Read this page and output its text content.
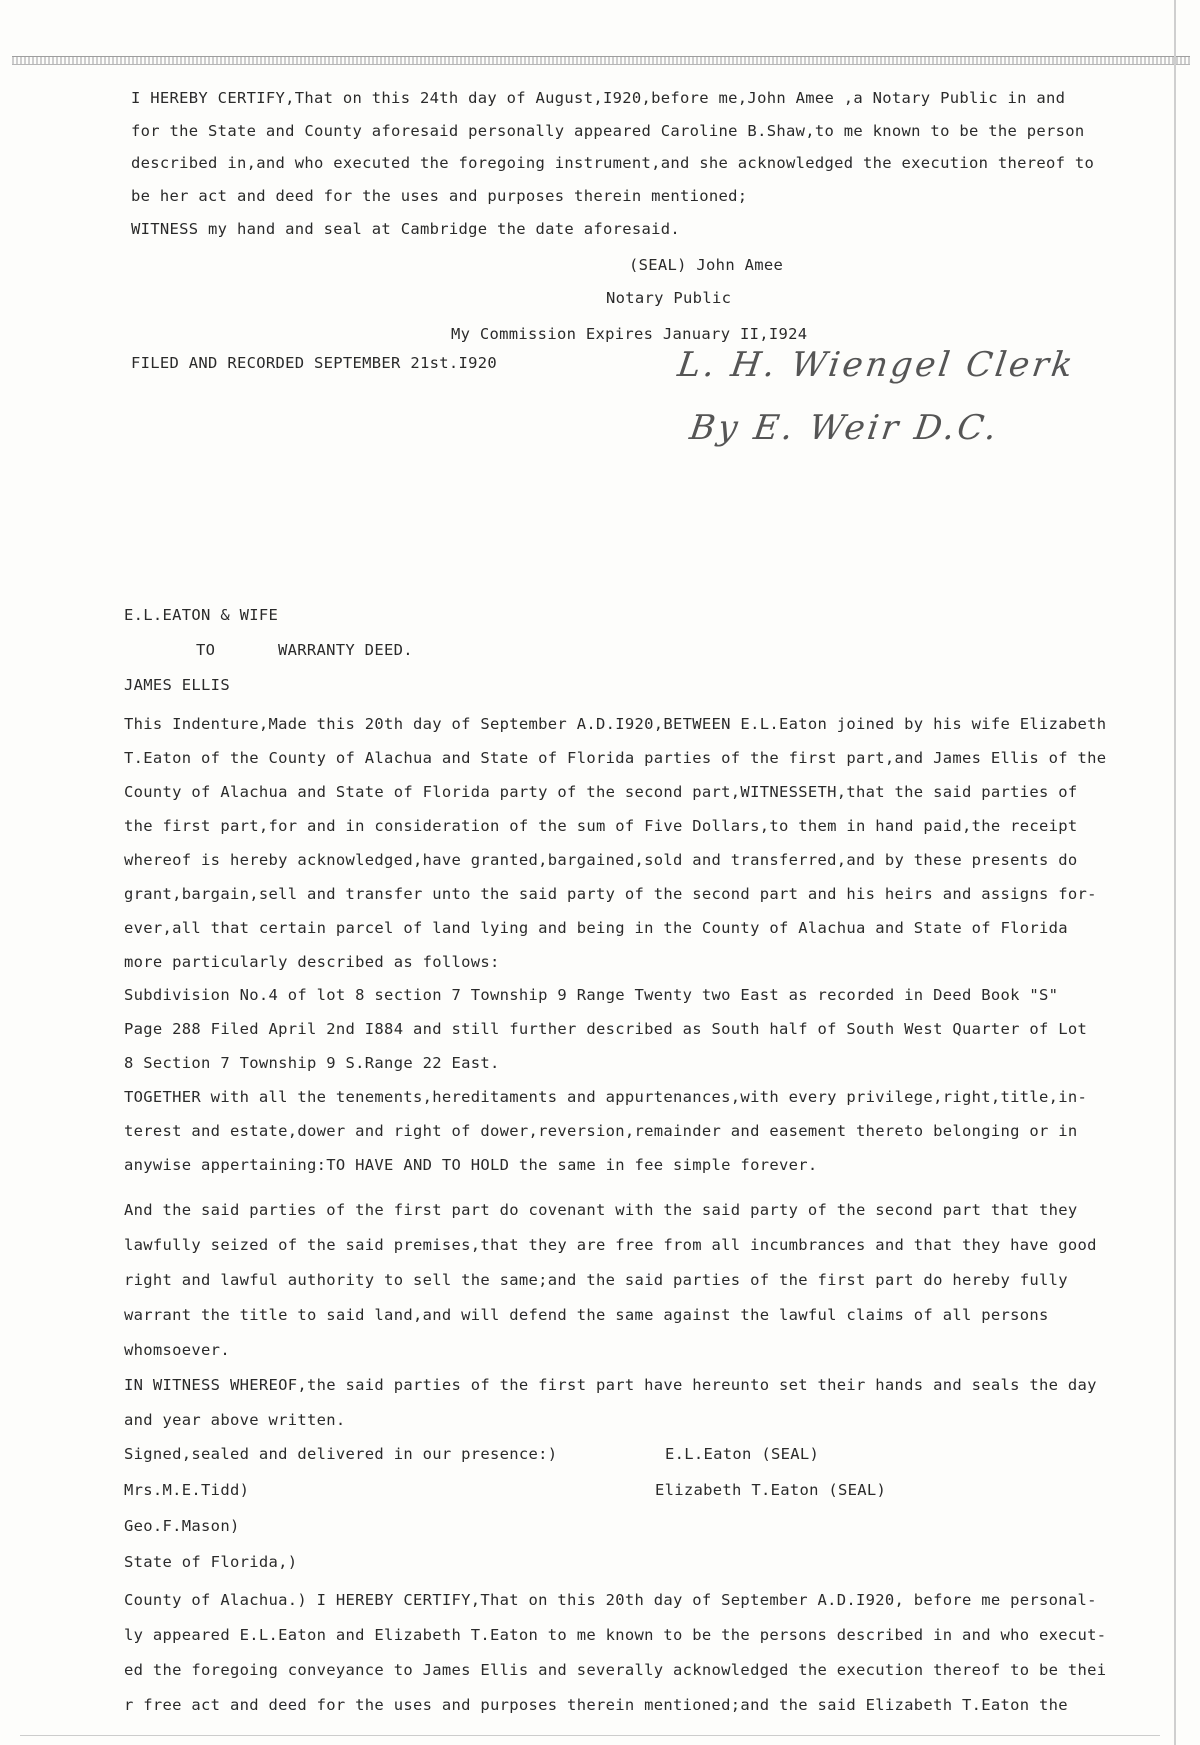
I HEREBY CERTIFY,That on this 24th day of August,I920,before me,John Amee ,a Notary Public in and
for the State and County aforesaid personally appeared Caroline B.Shaw,to me known to be the person
described in,and who executed the foregoing instrument,and she acknowledged the execution thereof to
be her act and deed for the uses and purposes therein mentioned;
WITNESS my hand and seal at Cambridge the date aforesaid.
(SEAL) John Amee
Notary Public
My Commission Expires January II,I924
FILED AND RECORDED SEPTEMBER 21st.I920	L. H. Wiengel Clerk
By E. Weir D.C.
E.L.EATON & WIFE
TO	WARRANTY DEED.
JAMES ELLIS
This Indenture,Made this 20th day of September A.D.I920,BETWEEN E.L.Eaton joined by his wife Elizabeth
T.Eaton of the County of Alachua and State of Florida parties of the first part,and James Ellis of the
County of Alachua and State of Florida party of the second part,WITNESSETH,that the said parties of
the first part,for and in consideration of the sum of Five Dollars,to them in hand paid,the receipt
whereof is hereby acknowledged,have granted,bargained,sold and transferred,and by these presents do
grant,bargain,sell and transfer unto the said party of the second part and his heirs and assigns for-
ever,all that certain parcel of land lying and being in the County of Alachua and State of Florida
more particularly described as follows:
Subdivision No.4 of lot 8 section 7 Township 9 Range Twenty two East as recorded in Deed Book "S"
Page 288 Filed April 2nd I884 and still further described as South half of South West Quarter of Lot
8 Section 7 Township 9 S.Range 22 East.
TOGETHER with all the tenements,hereditaments and appurtenances,with every privilege,right,title,in-
terest and estate,dower and right of dower,reversion,remainder and easement thereto belonging or in
anywise appertaining:TO HAVE AND TO HOLD the same in fee simple forever.
And the said parties of the first part do covenant with the said party of the second part that they
lawfully seized of the said premises,that they are free from all incumbrances and that they have good
right and lawful authority to sell the same;and the said parties of the first part do hereby fully
warrant the title to said land,and will defend the same against the lawful claims of all persons
whomsoever.
IN WITNESS WHEREOF,the said parties of the first part have hereunto set their hands and seals the day
and year above written.
Signed,sealed and delivered in our presence:)	E.L.Eaton (SEAL)
Mrs.M.E.Tidd)	Elizabeth T.Eaton (SEAL)
Geo.F.Mason)
State of Florida,)
County of Alachua.) I HEREBY CERTIFY,That on this 20th day of September A.D.I920, before me personal-
ly appeared E.L.Eaton and Elizabeth T.Eaton to me known to be the persons described in and who execut-
ed the foregoing conveyance to James Ellis and severally acknowledged the execution thereof to be thei
r free act and deed for the uses and purposes therein mentioned;and the said Elizabeth T.Eaton the
